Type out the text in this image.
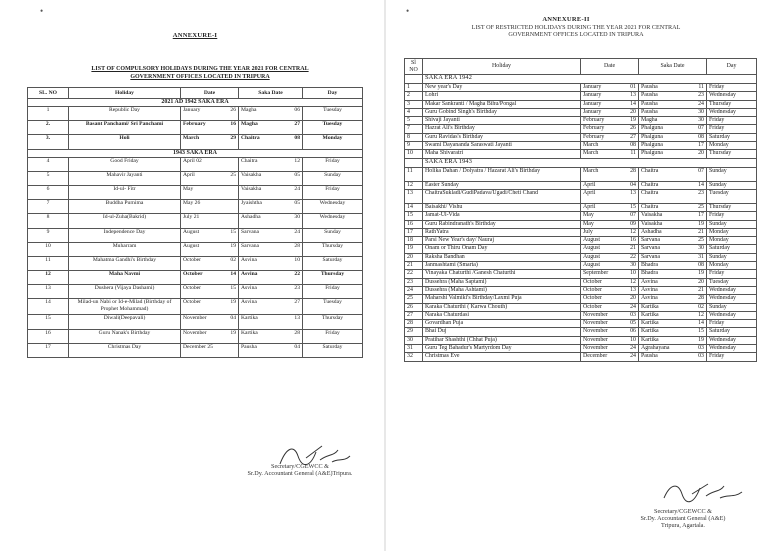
•
ANNEXURE-I
LIST OF COMPULSORY HOLIDAYS DURING THE YEAR 2021 FOR CENTRAL
GOVERNMENT OFFICES LOCATED IN TRIPURA
SL. NO	Holiday	Date	Saka Date	Day
2021 AD 1942 SAKA ERA				
1	Republic Day	January 26	Magha 06	Tuesday
2.	Basant Panchami/ Sri Panchami	February 16	Magha 27	Tuesday
3.	Holi	March 29	Chaitra 08	Monday
1943 SAKA ERA				
4	Good Friday	April 02	Chaitra 12	Friday
5	Mahavir Jayanti	April 25	Vaisakha 05	Sunday
6	Id-ul- Fitr	May	Vaisakha 24	Friday
7	Buddha Purnima	May 26	Jyaishtha 05	Wednesday
8	Id-ul-Zuha(Bakrid)	July 21	Ashadha 30	Wednesday
9	Independence Day	August 15	Sarvana 24	Sunday
10	Muharram	August 19	Sarvana 28	Thursday
11	Mahatma Gandhi's Birthday	October 02	Asvina 10	Saturday
12	Maha Navmi	October 14	Asvina 22	Thursday
13	Dushera (Vijaya Dashami)	October 15	Asvina 23	Friday
14	Milad-un Nabi or Id-e-Milad (Birthday of Prophet Mohammad)	October 19	Asvina 27	Tuesday
15	Diwali(Deepavali)	November 04	Kartika 13	Thursday
16	Guru Nanak's Birthday	November 19	Kartika 28	Friday
17	Christmas Day	December 25	Pausha 04	Saturday
Secretary/CGEWCC &
Sr.Dy. Accountant General (A&E)Tripura.
•
ANNEXURE-II
LIST OF RESTRICTED HOLIDAYS DURING THE YEAR 2021 FOR CENTRAL
GOVERNMENT OFFICES LOCATED IN TRIPURA
Sl NO	Holiday	Date	Saka Date	Day
	SAKA ERA 1942			
1	New year's Day	January 01	Pausha 11	Friday
2	Lohri	January 13	Pausha 23	Wednesday
3	Makar Sankranti / Magha Bihu/Pongal	January 14	Pausha 24	Thursday
4	Guru Gobind Singh's Birthday	January 20	Pausha 30	Wednesday
5	Shivaji Jayanti	February 19	Magha 30	Friday
7	Hazrat Ali's Birthday	February 26	Phalguna 07	Friday
8	Guru Ravidas's Birthday	February 27	Phalguna 08	Saturday
9	Swami Dayananda Saraswati Jayanti	March 08	Phalguna 17	Monday
10	Maha Shivaratri	March 11	Phalguna 20	Thursday
	SAKA ERA 1943			
11	Holika Dahan / Dolyatra / Hazarat Ali's Birthday	March 28	Chaitra 07	Sunday
12	Easter Sunday	April 04	Chaitra 14	Sunday
13	ChaitraSukladi/GudiPadava/Ugadi/Cheti Chand	April 13	Chaitra 23	Tuesday
14	Baisakhi/ Vishu	April 15	Chaitra 25	Thursday
15	Jamat-Ul-Vida	May 07	Vaisakha 17	Friday
16	Guru Rabindranath's Birthday	May 09	Vaisakha 19	Sunday
17	RathYatra	July 12	Ashadha 21	Monday
18	Parsi New Year's day/ Nauraj	August 16	Sarvana 25	Monday
19	Onam or Thiru Onam Day	August 21	Sarvana 30	Saturday
20	Raksha Bandhan	August 22	Sarvana 31	Sunday
21	Janmashtami (Smarta)	August 30	Bhadra 08	Monday
22	Vinayaka Chaturthi /Ganesh Chaturthi	September 10	Bhadra 19	Friday
23	Dussehra (Maha Saptami)	October 12	Asvina 20	Tuesday
24	Dussehra (Maha Ashtami)	October 13	Asvina 21	Wednesday
25	Maharshi Valmiki's Birthday/Laxmi Puja	October 20	Asvina 28	Wednesday
26	Karaka Chaturthi ( Karwa Chouth)	October 24	Kartika 02	Sunday
27	Naraka Chaturdasi	November 03	Kartika 12	Wednesday
28	Govardhan Puja	November 05	Kartika 14	Friday
29	Bhai Duj	November 06	Kartika 15	Saturday
30	Pratihar Shashthi (Chhat Puja)	November 10	Kartika 19	Wednesday
31	Guru Teg Bahadur's Martyrdom Day	November 24	Agrahayana 03	Wednesday
32	Christmas Eve	December 24	Pausha 03	Friday
Secretary/CGEWCC &
Sr.Dy. Accountant General (A&E)
Tripura, Agartala.
